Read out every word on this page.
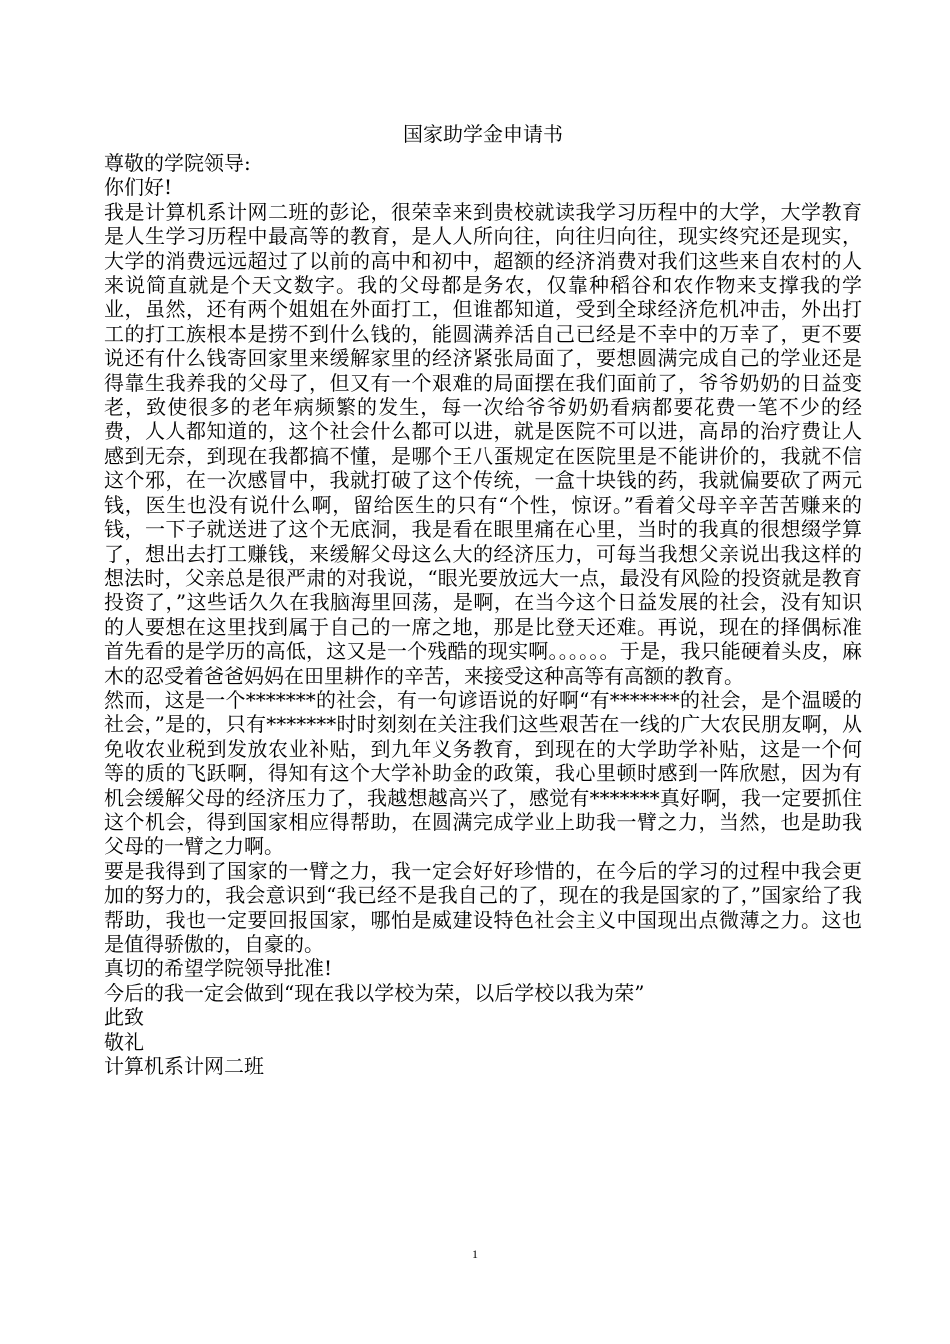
国家助学金申请书
尊敬的学院领导:
你们好!
我是计算机系计网二班的彭论，很荣幸来到贵校就读我学习历程中的大学，大学教育是人生学习历程中最高等的教育，是人人所向往，向往归向往，现实终究还是现实，大学的消费远远超过了以前的高中和初中，超额的经济消费对我们这些来自农村的人来说简直就是个天文数字。我的父母都是务农，仅靠种稻谷和农作物来支撑我的学业，虽然，还有两个姐姐在外面打工，但谁都知道，受到全球经济危机冲击，外出打工的打工族根本是捞不到什么钱的，能圆满养活自己已经是不幸中的万幸了，更不要说还有什么钱寄回家里来缓解家里的经济紧张局面了，要想圆满完成自己的学业还是得靠生我养我的父母了，但又有一个艰难的局面摆在我们面前了，爷爷奶奶的日益变老，致使很多的老年病频繁的发生，每一次给爷爷奶奶看病都要花费一笔不少的经费，人人都知道的，这个社会什么都可以进，就是医院不可以进，高昂的治疗费让人感到无奈，到现在我都搞不懂，是哪个王八蛋规定在医院里是不能讲价的，我就不信这个邪，在一次感冒中，我就打破了这个传统，一盒十块钱的药，我就偏要砍了两元钱，医生也没有说什么啊，留给医生的只有“个性，惊讶。”看着父母辛辛苦苦赚来的钱，一下子就送进了这个无底洞，我是看在眼里痛在心里，当时的我真的很想缀学算了，想出去打工赚钱，来缓解父母这么大的经济压力，可每当我想父亲说出我这样的想法时，父亲总是很严肃的对我说，“眼光要放远大一点，最没有风险的投资就是教育投资了，”这些话久久在我脑海里回荡，是啊，在当今这个日益发展的社会，没有知识的人要想在这里找到属于自己的一席之地，那是比登天还难。再说，现在的择偶标准首先看的是学历的高低，这又是一个残酷的现实啊。。。。。。于是，我只能硬着头皮，麻木的忍受着爸爸妈妈在田里耕作的辛苦，来接受这种高等有高额的教育。
然而，这是一个*******的社会，有一句谚语说的好啊“有*******的社会，是个温暖的社会，”是的，只有*******时时刻刻在关注我们这些艰苦在一线的广大农民朋友啊，从免收农业税到发放农业补贴，到九年义务教育，到现在的大学助学补贴，这是一个何等的质的飞跃啊，得知有这个大学补助金的政策，我心里顿时感到一阵欣慰，因为有机会缓解父母的经济压力了，我越想越高兴了，感觉有*******真好啊，我一定要抓住这个机会，得到国家相应得帮助，在圆满完成学业上助我一臂之力，当然，也是助我父母的一臂之力啊。
要是我得到了国家的一臂之力，我一定会好好珍惜的，在今后的学习的过程中我会更加的努力的，我会意识到“我已经不是我自己的了，现在的我是国家的了，”国家给了我帮助，我也一定要回报国家，哪怕是威建设特色社会主义中国现出点微薄之力。这也是值得骄傲的，自豪的。
真切的希望学院领导批准!
今后的我一定会做到“现在我以学校为荣，以后学校以我为荣”
此致
敬礼
计算机系计网二班
1
